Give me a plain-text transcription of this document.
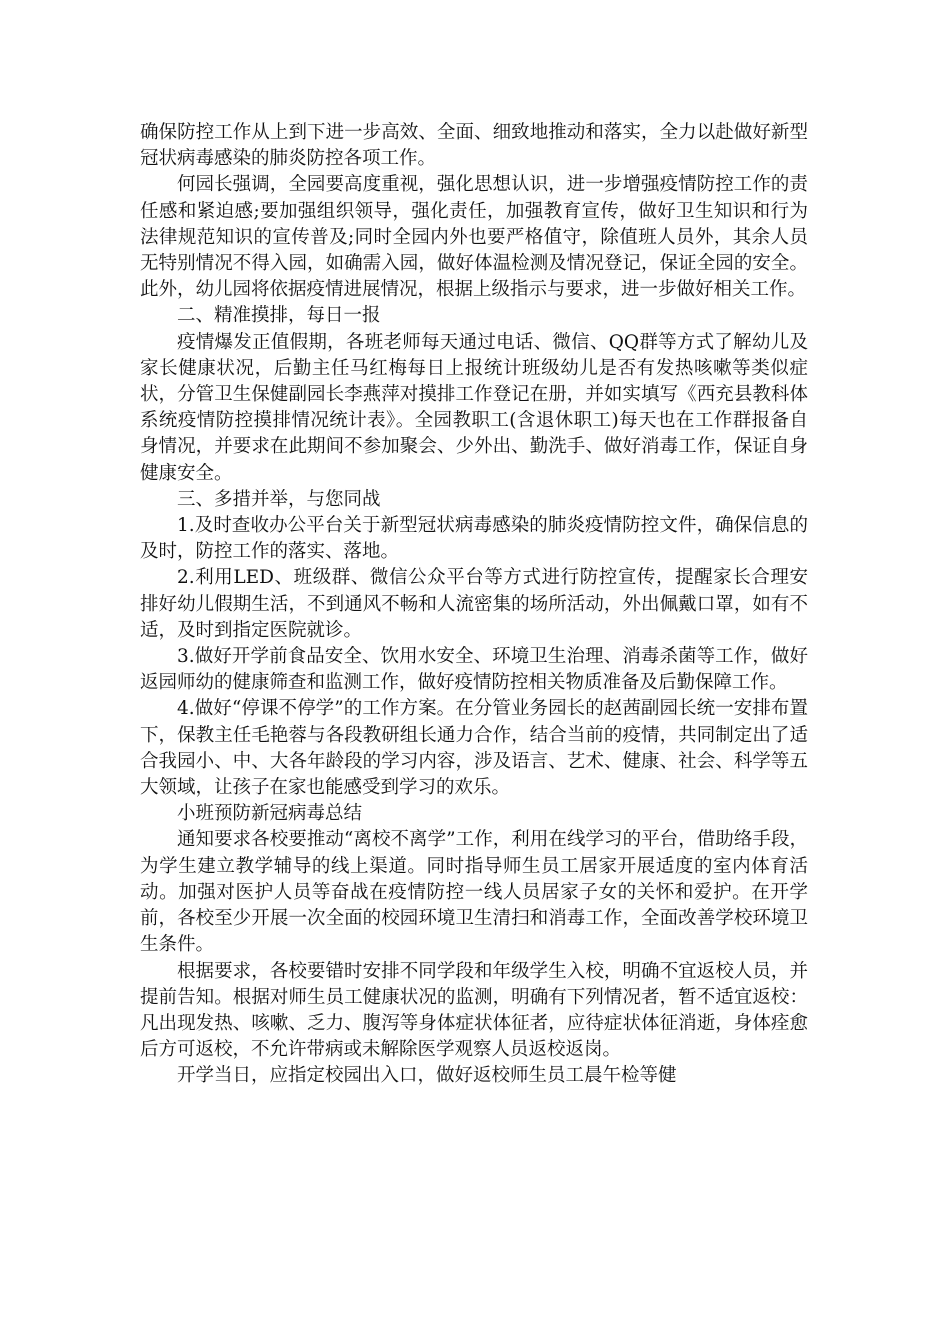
确保防控工作从上到下进一步高效、全面、细致地推动和落实，全力以赴做好新型冠状病毒感染的肺炎防控各项工作。

何园长强调，全园要高度重视，强化思想认识，进一步增强疫情防控工作的责任感和紧迫感;要加强组织领导，强化责任，加强教育宣传，做好卫生知识和行为法律规范知识的宣传普及;同时全园内外也要严格值守，除值班人员外，其余人员无特别情况不得入园，如确需入园，做好体温检测及情况登记，保证全园的安全。此外，幼儿园将依据疫情进展情况，根据上级指示与要求，进一步做好相关工作。

二、精准摸排，每日一报

疫情爆发正值假期，各班老师每天通过电话、微信、QQ群等方式了解幼儿及家长健康状况，后勤主任马红梅每日上报统计班级幼儿是否有发热咳嗽等类似症状，分管卫生保健副园长李燕萍对摸排工作登记在册，并如实填写《西充县教科体系统疫情防控摸排情况统计表》。全园教职工(含退休职工)每天也在工作群报备自身情况，并要求在此期间不参加聚会、少外出、勤洗手、做好消毒工作，保证自身健康安全。

三、多措并举，与您同战

1.及时查收办公平台关于新型冠状病毒感染的肺炎疫情防控文件，确保信息的及时，防控工作的落实、落地。

2.利用LED、班级群、微信公众平台等方式进行防控宣传，提醒家长合理安排好幼儿假期生活，不到通风不畅和人流密集的场所活动，外出佩戴口罩，如有不适，及时到指定医院就诊。

3.做好开学前食品安全、饮用水安全、环境卫生治理、消毒杀菌等工作，做好返园师幼的健康筛查和监测工作，做好疫情防控相关物质准备及后勤保障工作。

4.做好“停课不停学”的工作方案。在分管业务园长的赵茜副园长统一安排布置下，保教主任毛艳蓉与各段教研组长通力合作，结合当前的疫情，共同制定出了适合我园小、中、大各年龄段的学习内容，涉及语言、艺术、健康、社会、科学等五大领域，让孩子在家也能感受到学习的欢乐。

小班预防新冠病毒总结

通知要求各校要推动“离校不离学”工作，利用在线学习的平台，借助络手段，为学生建立教学辅导的线上渠道。同时指导师生员工居家开展适度的室内体育活动。加强对医护人员等奋战在疫情防控一线人员居家子女的关怀和爱护。在开学前，各校至少开展一次全面的校园环境卫生清扫和消毒工作，全面改善学校环境卫生条件。

根据要求，各校要错时安排不同学段和年级学生入校，明确不宜返校人员，并提前告知。根据对师生员工健康状况的监测，明确有下列情况者，暂不适宜返校：凡出现发热、咳嗽、乏力、腹泻等身体症状体征者，应待症状体征消逝，身体痊愈后方可返校，不允许带病或未解除医学观察人员返校返岗。

开学当日，应指定校园出入口，做好返校师生员工晨午检等健
